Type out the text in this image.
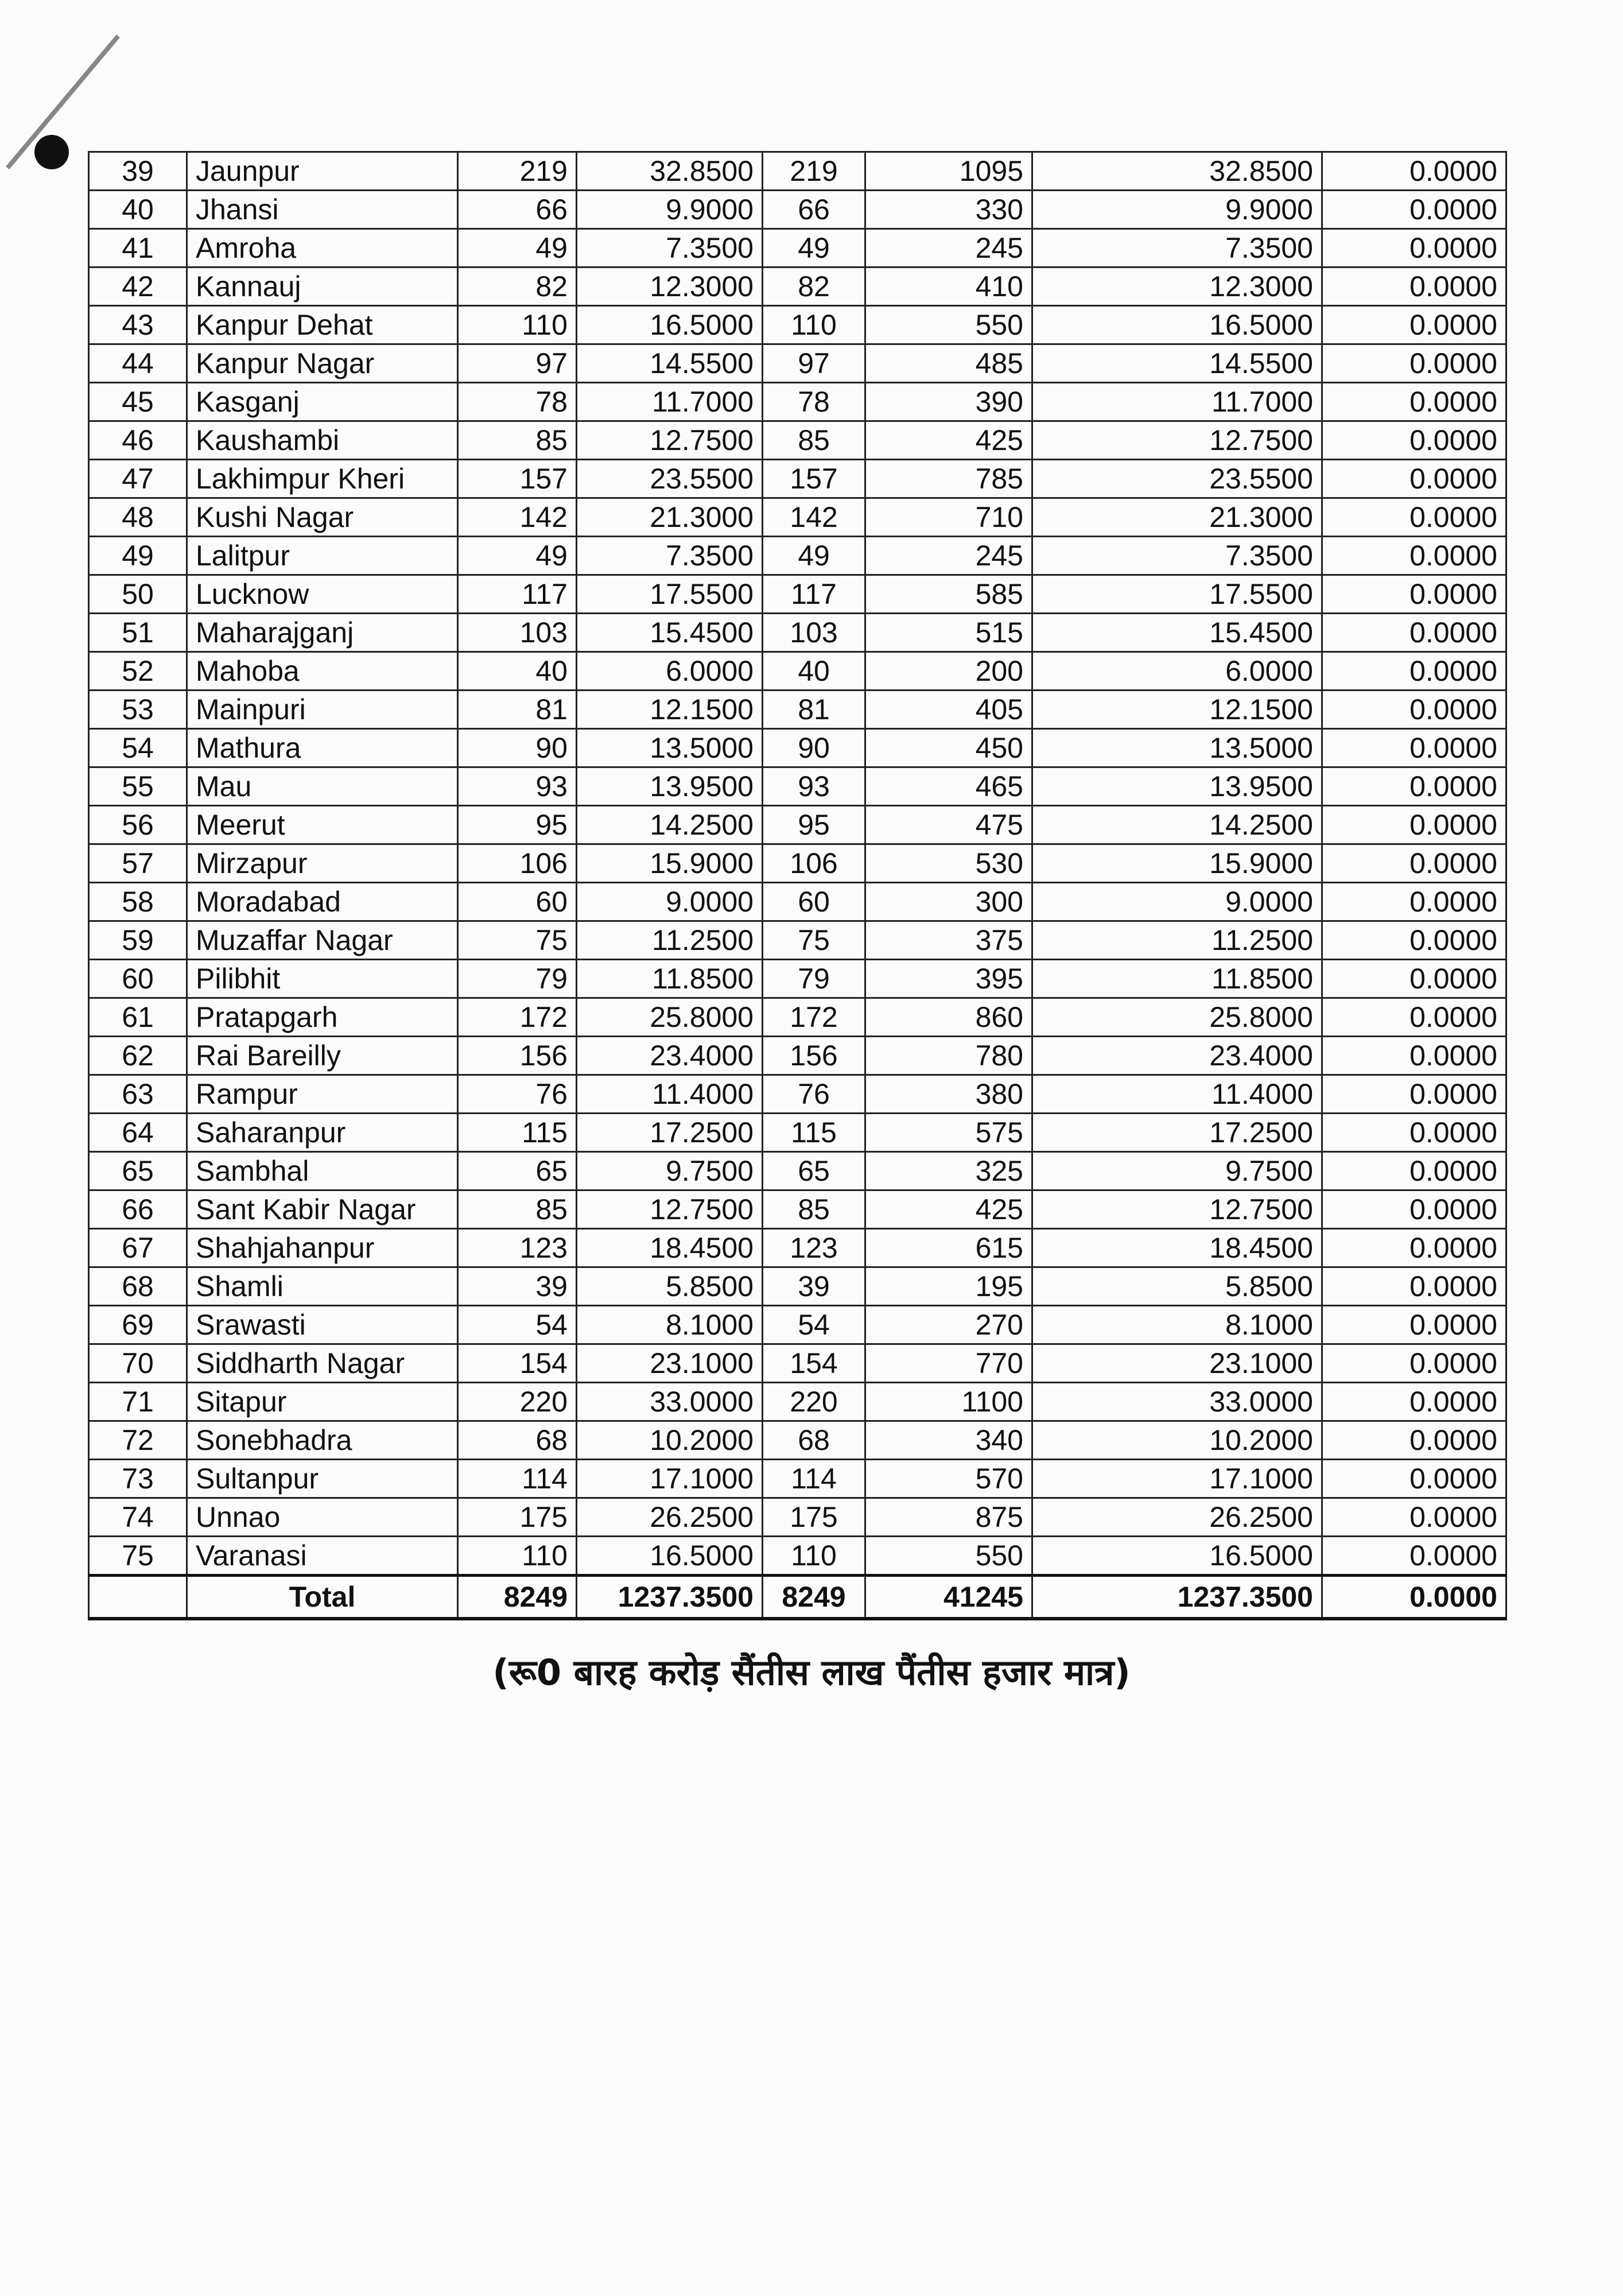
39	Jaunpur	219	32.8500	219	1095	32.8500	0.0000
40	Jhansi	66	9.9000	66	330	9.9000	0.0000
41	Amroha	49	7.3500	49	245	7.3500	0.0000
42	Kannauj	82	12.3000	82	410	12.3000	0.0000
43	Kanpur Dehat	110	16.5000	110	550	16.5000	0.0000
44	Kanpur Nagar	97	14.5500	97	485	14.5500	0.0000
45	Kasganj	78	11.7000	78	390	11.7000	0.0000
46	Kaushambi	85	12.7500	85	425	12.7500	0.0000
47	Lakhimpur Kheri	157	23.5500	157	785	23.5500	0.0000
48	Kushi Nagar	142	21.3000	142	710	21.3000	0.0000
49	Lalitpur	49	7.3500	49	245	7.3500	0.0000
50	Lucknow	117	17.5500	117	585	17.5500	0.0000
51	Maharajganj	103	15.4500	103	515	15.4500	0.0000
52	Mahoba	40	6.0000	40	200	6.0000	0.0000
53	Mainpuri	81	12.1500	81	405	12.1500	0.0000
54	Mathura	90	13.5000	90	450	13.5000	0.0000
55	Mau	93	13.9500	93	465	13.9500	0.0000
56	Meerut	95	14.2500	95	475	14.2500	0.0000
57	Mirzapur	106	15.9000	106	530	15.9000	0.0000
58	Moradabad	60	9.0000	60	300	9.0000	0.0000
59	Muzaffar Nagar	75	11.2500	75	375	11.2500	0.0000
60	Pilibhit	79	11.8500	79	395	11.8500	0.0000
61	Pratapgarh	172	25.8000	172	860	25.8000	0.0000
62	Rai Bareilly	156	23.4000	156	780	23.4000	0.0000
63	Rampur	76	11.4000	76	380	11.4000	0.0000
64	Saharanpur	115	17.2500	115	575	17.2500	0.0000
65	Sambhal	65	9.7500	65	325	9.7500	0.0000
66	Sant Kabir Nagar	85	12.7500	85	425	12.7500	0.0000
67	Shahjahanpur	123	18.4500	123	615	18.4500	0.0000
68	Shamli	39	5.8500	39	195	5.8500	0.0000
69	Srawasti	54	8.1000	54	270	8.1000	0.0000
70	Siddharth Nagar	154	23.1000	154	770	23.1000	0.0000
71	Sitapur	220	33.0000	220	1100	33.0000	0.0000
72	Sonebhadra	68	10.2000	68	340	10.2000	0.0000
73	Sultanpur	114	17.1000	114	570	17.1000	0.0000
74	Unnao	175	26.2500	175	875	26.2500	0.0000
75	Varanasi	110	16.5000	110	550	16.5000	0.0000
	Total	8249	1237.3500	8249	41245	1237.3500	0.0000
(रू0 बारह करोड़ सैंतीस लाख पैंतीस हजार मात्र)
